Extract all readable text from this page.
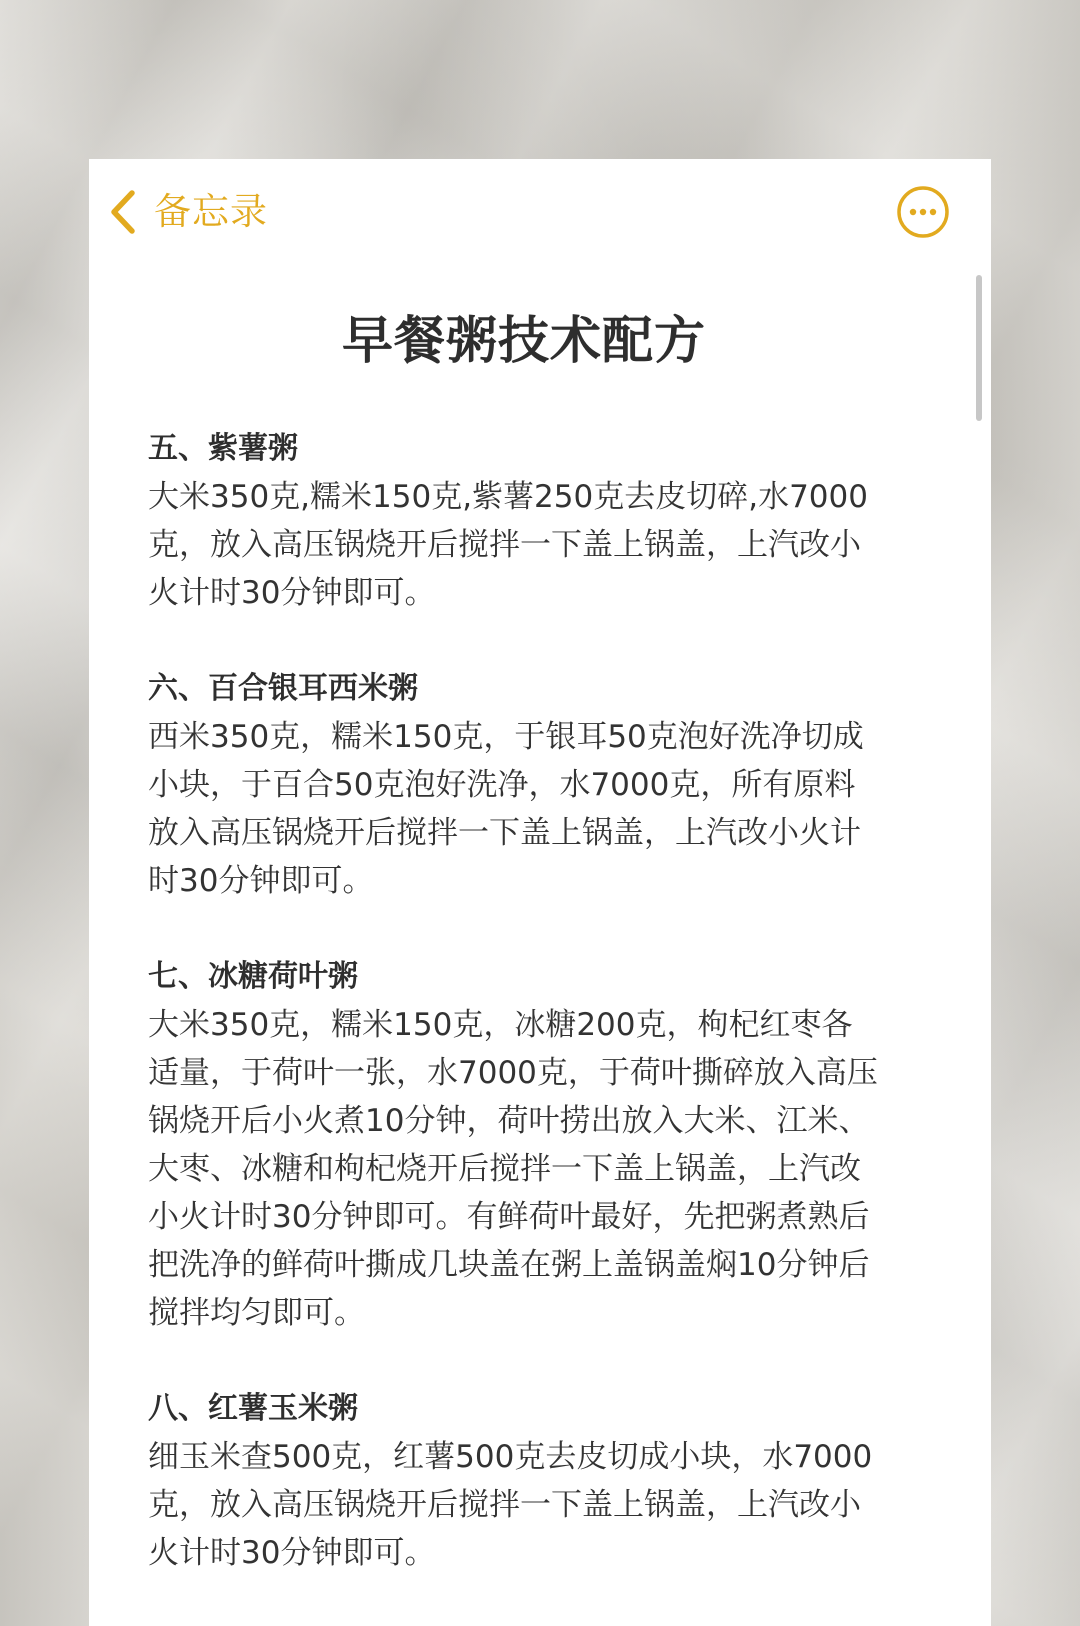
备忘录
早餐粥技术配方
五、紫薯粥
大米350克,糯米150克,紫薯250克去皮切碎,水7000
克，放入高压锅烧开后搅拌一下盖上锅盖，上汽改小
火计时30分钟即可。
六、百合银耳西米粥
西米350克，糯米150克，于银耳50克泡好洗净切成
小块，于百合50克泡好洗净，水7000克，所有原料
放入高压锅烧开后搅拌一下盖上锅盖，上汽改小火计
时30分钟即可。
七、冰糖荷叶粥
大米350克，糯米150克，冰糖200克，枸杞红枣各
适量，于荷叶一张，水7000克，于荷叶撕碎放入高压
锅烧开后小火煮10分钟，荷叶捞出放入大米、江米、
大枣、冰糖和枸杞烧开后搅拌一下盖上锅盖，上汽改
小火计时30分钟即可。有鲜荷叶最好，先把粥煮熟后
把洗净的鲜荷叶撕成几块盖在粥上盖锅盖焖10分钟后
搅拌均匀即可。
八、红薯玉米粥
细玉米查500克，红薯500克去皮切成小块，水7000
克，放入高压锅烧开后搅拌一下盖上锅盖，上汽改小
火计时30分钟即可。
